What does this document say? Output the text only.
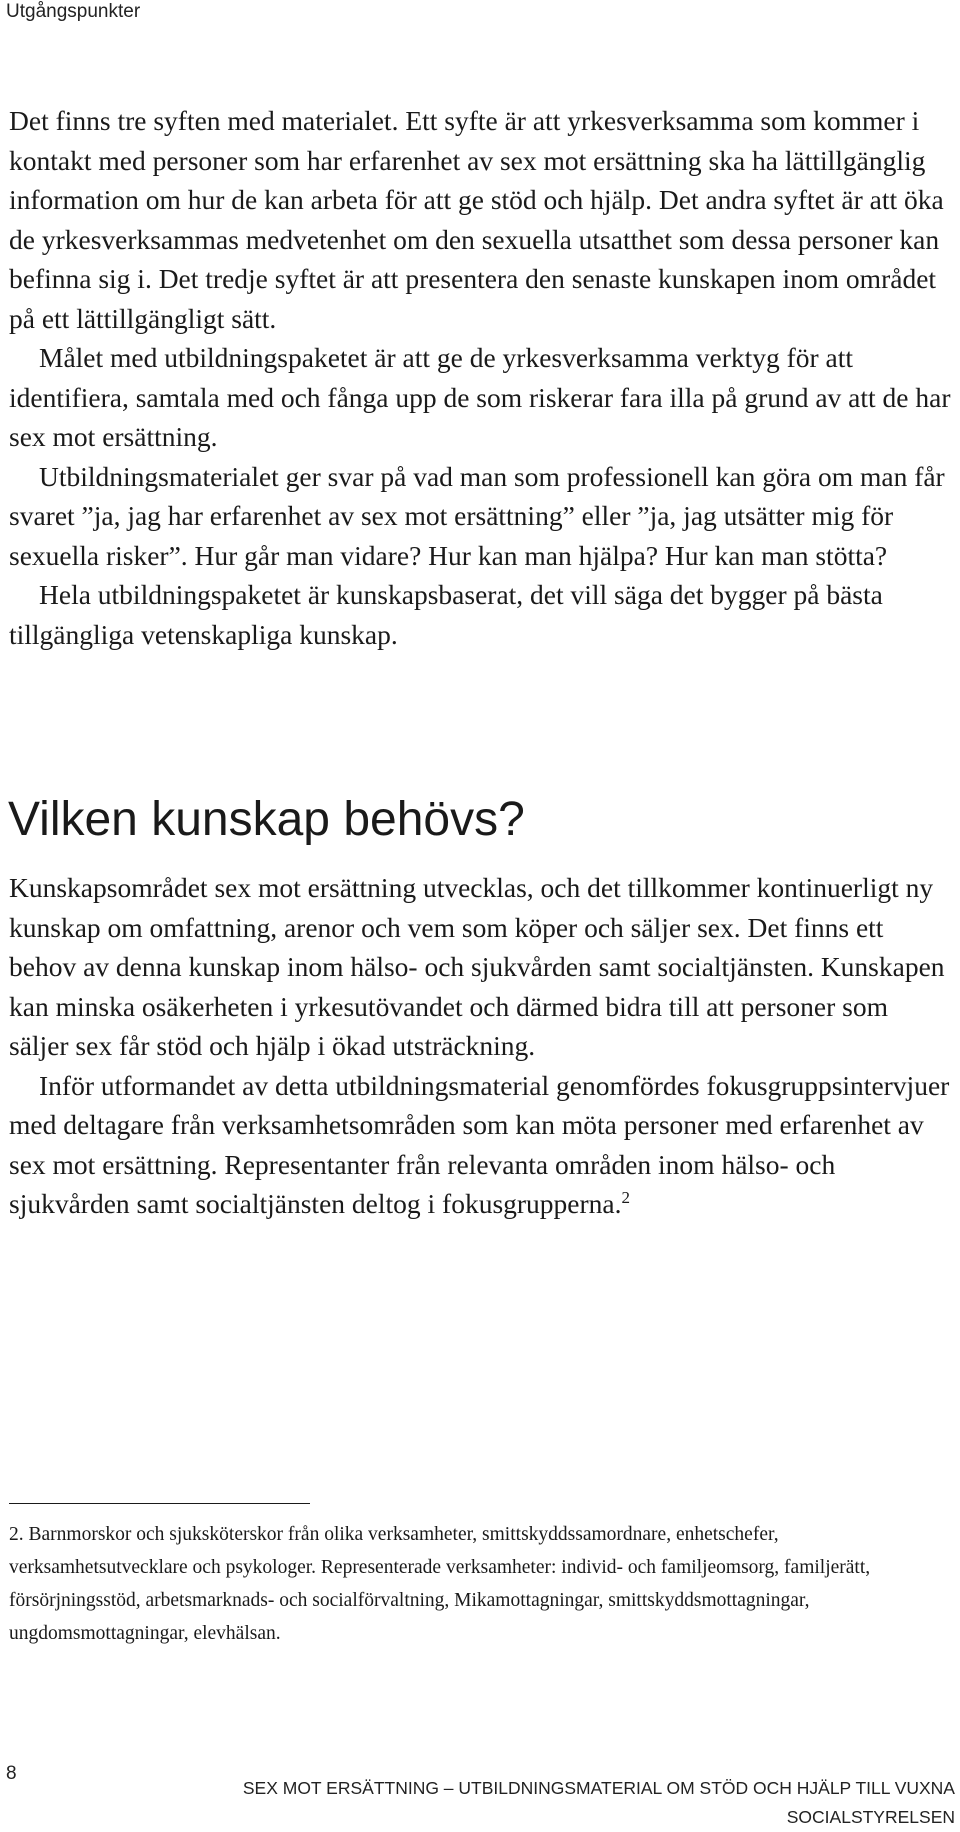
Utgångspunkter

Det finns tre syften med materialet. Ett syfte är att yrkesverksamma som kommer i kontakt med personer som har erfarenhet av sex mot ersättning ska ha lättillgänglig information om hur de kan arbeta för att ge stöd och hjälp. Det andra syftet är att öka de yrkesverksammas medvetenhet om den sexuella utsatthet som dessa personer kan befinna sig i. Det tredje syftet är att presentera den senaste kunskapen inom området på ett lättillgängligt sätt.

Målet med utbildningspaketet är att ge de yrkesverksamma verktyg för att identifiera, samtala med och fånga upp de som riskerar fara illa på grund av att de har sex mot ersättning.

Utbildningsmaterialet ger svar på vad man som professionell kan göra om man får svaret ”ja, jag har erfarenhet av sex mot ersättning” eller ”ja, jag utsätter mig för sexuella risker”. Hur går man vidare? Hur kan man hjälpa? Hur kan man stötta?

Hela utbildningspaketet är kunskapsbaserat, det vill säga det bygger på bästa tillgängliga vetenskapliga kunskap.

Vilken kunskap behövs?

Kunskapsområdet sex mot ersättning utvecklas, och det tillkommer kontinuerligt ny kunskap om omfattning, arenor och vem som köper och säljer sex. Det finns ett behov av denna kunskap inom hälso- och sjukvården samt socialtjänsten. Kunskapen kan minska osäkerheten i yrkesutövandet och därmed bidra till att personer som säljer sex får stöd och hjälp i ökad utsträckning.

Inför utformandet av detta utbildningsmaterial genomfördes fokusgruppsintervjuer med deltagare från verksamhetsområden som kan möta personer med erfarenhet av sex mot ersättning. Representanter från relevanta områden inom hälso- och sjukvården samt socialtjänsten deltog i fokusgrupperna.$^2$

2. Barnmorskor och sjuksköterskor från olika verksamheter, smittskyddssamordnare, enhetschefer, verksamhetsutvecklare och psykologer. Representerade verksamheter: individ- och familjeomsorg, familjerätt, försörjningsstöd, arbetsmarknads- och socialförvaltning, Mikamottagningar, smittskyddsmottagningar, ungdomsmottagningar, elevhälsan.
8
SEX MOT ERSÄTTNING – UTBILDNINGSMATERIAL OM STÖD OCH HJÄLP TILL VUXNA
SOCIALSTYRELSEN
